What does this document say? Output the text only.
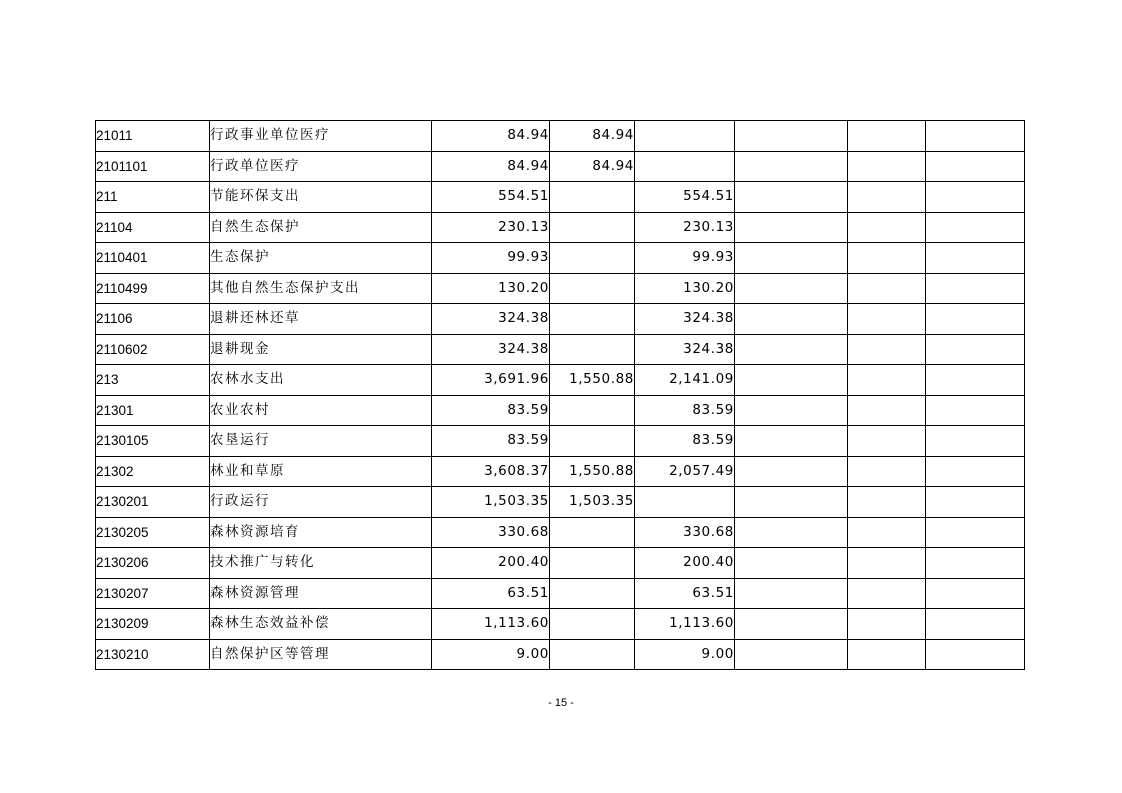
21011	行政事业单位医疗	84.94	84.94				
2101101	行政单位医疗	84.94	84.94				
211	节能环保支出	554.51		554.51			
21104	自然生态保护	230.13		230.13			
2110401	生态保护	99.93		99.93			
2110499	其他自然生态保护支出	130.20		130.20			
21106	退耕还林还草	324.38		324.38			
2110602	退耕现金	324.38		324.38			
213	农林水支出	3,691.96	1,550.88	2,141.09			
21301	农业农村	83.59		83.59			
2130105	农垦运行	83.59		83.59			
21302	林业和草原	3,608.37	1,550.88	2,057.49			
2130201	行政运行	1,503.35	1,503.35				
2130205	森林资源培育	330.68		330.68			
2130206	技术推广与转化	200.40		200.40			
2130207	森林资源管理	63.51		63.51			
2130209	森林生态效益补偿	1,113.60		1,113.60			
2130210	自然保护区等管理	9.00		9.00			
- 15 -
